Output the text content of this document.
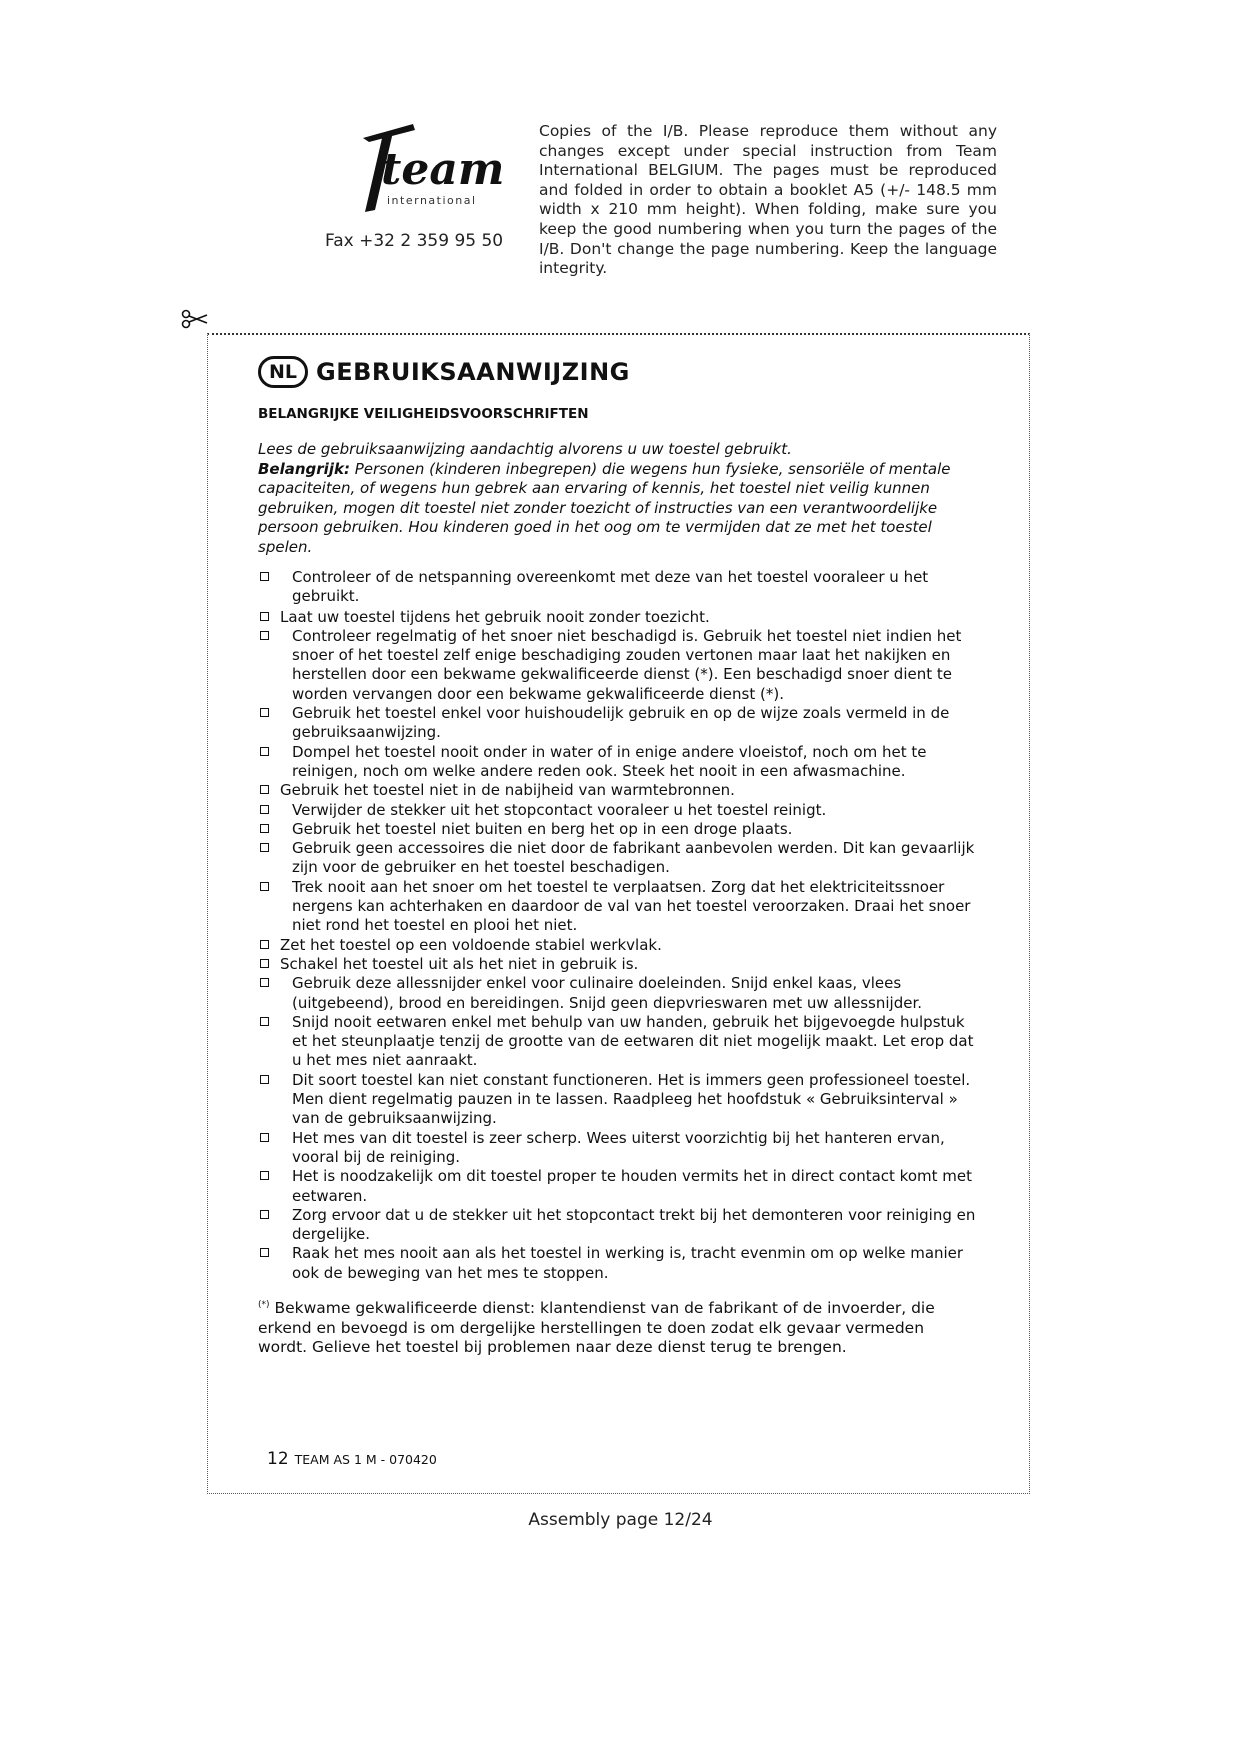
team
international
Fax +32 2 359 95 50
Copies of the I/B. Please reproduce them without any changes except under special instruction from Team International BELGIUM. The pages must be reproduced and folded in order to obtain a booklet A5 (+/- 148.5 mm width x 210 mm height). When folding, make sure you keep the good numbering when you turn the pages of the I/B. Don't change the page numbering. Keep the language integrity.
NL GEBRUIKSAANWIJZING
BELANGRIJKE VEILIGHEIDSVOORSCHRIFTEN
Lees de gebruiksaanwijzing aandachtig alvorens u uw toestel gebruikt.
Belangrijk: Personen (kinderen inbegrepen) die wegens hun fysieke, sensoriële of mentale capaciteiten, of wegens hun gebrek aan ervaring of kennis, het toestel niet veilig kunnen gebruiken, mogen dit toestel niet zonder toezicht of instructies van een verantwoordelijke persoon gebruiken. Hou kinderen goed in het oog om te vermijden dat ze met het toestel spelen.
Controleer of de netspanning overeenkomt met deze van het toestel vooraleer u het gebruikt.
Laat uw toestel tijdens het gebruik nooit zonder toezicht.
Controleer regelmatig of het snoer niet beschadigd is. Gebruik het toestel niet indien het snoer of het toestel zelf enige beschadiging zouden vertonen maar laat het nakijken en herstellen door een bekwame gekwalificeerde dienst (*). Een beschadigd snoer dient te worden vervangen door een bekwame gekwalificeerde dienst (*).
Gebruik het toestel enkel voor huishoudelijk gebruik en op de wijze zoals vermeld in de gebruiksaanwijzing.
Dompel het toestel nooit onder in water of in enige andere vloeistof, noch om het te reinigen, noch om welke andere reden ook. Steek het nooit in een afwasmachine.
Gebruik het toestel niet in de nabijheid van warmtebronnen.
Verwijder de stekker uit het stopcontact vooraleer u het toestel reinigt.
Gebruik het toestel niet buiten en berg het op in een droge plaats.
Gebruik geen accessoires die niet door de fabrikant aanbevolen werden. Dit kan gevaarlijk zijn voor de gebruiker en het toestel beschadigen.
Trek nooit aan het snoer om het toestel te verplaatsen. Zorg dat het elektriciteitssnoer nergens kan achterhaken en daardoor de val van het toestel veroorzaken. Draai het snoer niet rond het toestel en plooi het niet.
Zet het toestel op een voldoende stabiel werkvlak.
Schakel het toestel uit als het niet in gebruik is.
Gebruik deze allessnijder enkel voor culinaire doeleinden. Snijd enkel kaas, vlees (uitgebeend), brood en bereidingen. Snijd geen diepvrieswaren met uw allessnijder.
Snijd nooit eetwaren enkel met behulp van uw handen, gebruik het bijgevoegde hulpstuk et het steunplaatje tenzij de grootte van de eetwaren dit niet mogelijk maakt. Let erop dat u het mes niet aanraakt.
Dit soort toestel kan niet constant functioneren. Het is immers geen professioneel toestel. Men dient regelmatig pauzen in te lassen. Raadpleeg het hoofdstuk « Gebruiksinterval » van de gebruiksaanwijzing.
Het mes van dit toestel is zeer scherp. Wees uiterst voorzichtig bij het hanteren ervan, vooral bij de reiniging.
Het is noodzakelijk om dit toestel proper te houden vermits het in direct contact komt met eetwaren.
Zorg ervoor dat u de stekker uit het stopcontact trekt bij het demonteren voor reiniging en dergelijke.
Raak het mes nooit aan als het toestel in werking is, tracht evenmin om op welke manier ook de beweging van het mes te stoppen.
(*) Bekwame gekwalificeerde dienst: klantendienst van de fabrikant of de invoerder, die erkend en bevoegd is om dergelijke herstellingen te doen zodat elk gevaar vermeden wordt. Gelieve het toestel bij problemen naar deze dienst terug te brengen.
12 TEAM AS 1 M - 070420
Assembly page 12/24
